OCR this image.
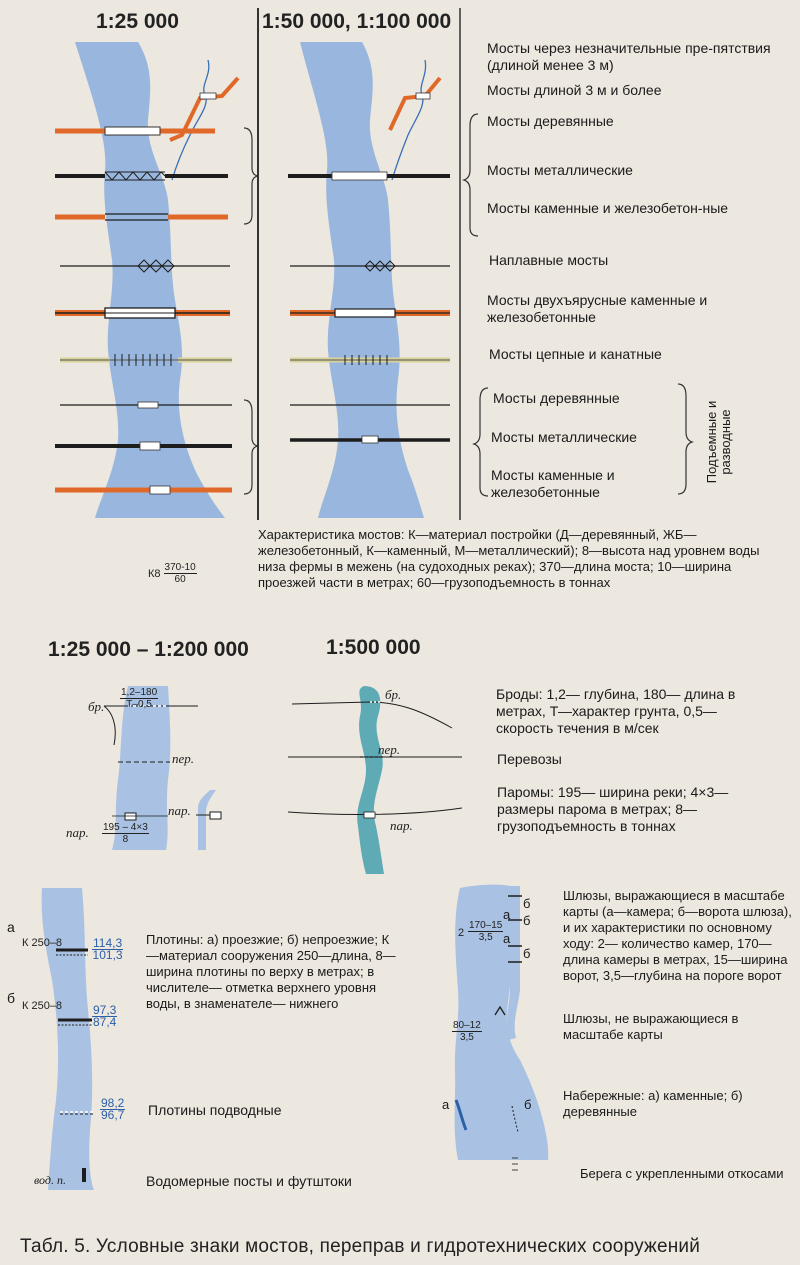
1:25 000	1:50 000, 1:100 000
Мосты через незначительные пре-пятствия (длиной менее 3 м)
Мосты длиной 3 м и более
Мосты деревянные
Мосты металлические
Мосты каменные и железобетон-ные
Наплавные мосты
Мосты двухъярусные каменные и железобетонные
Мосты цепные и канатные
Мосты деревянные
Мосты металлические
Мосты каменные и железобетонные
Подъемные и разводные
$К8 \frac{370-10}{60}$
Характеристика мостов: К—материал постройки (Д—деревянный, ЖБ—железобетонный, К—каменный, М—металлический); 8—высота над уровнем воды низа фермы в межень (на судоходных реках); 370—длина моста; 10—ширина проезжей части в метрах; 60—грузоподъемность в тоннах
1:25 000 – 1:200 000	1:500 000
бр.
1,2–180
Т–0,5
пер.
пар.
пар. $\frac{195 - 4\times 3}{8}$
бр.
пер.
пар.
Броды: 1,2— глубина, 180— длина в метрах, Т—характер грунта, 0,5— скорость течения в м/сек
Перевозы
Паромы: 195— ширина реки; 4×3— размеры парома в метрах; 8—грузоподъемность в тоннах
а
б
К $250-8 \frac{114,3}{101,3}$
К $250-8 \frac{97,3}{87,4}$
Плотины: а) проезжие; б) непроезжие; К—материал сооружения 250—длина, 8—ширина плотины по верху в метрах; в числителе— отметка верхнего уровня воды, в знаменателе— нижнего
$\frac{98,2}{96,7}$ Плотины подводные
вод. п.	Водомерные посты и футштоки
а
б
б
а
б
$2 \frac{170-15}{3,5}$
$\frac{80-12}{3,5}$
а	б
Шлюзы, выражающиеся в масштабе карты (а—камера; б—ворота шлюза), и их характеристики по основному ходу: 2— количество камер, 170—длина камеры в метрах, 15—ширина ворот, 3,5—глубина на пороге ворот
Шлюзы, не выражающиеся в масштабе карты
Набережные: а) каменные; б) деревянные
Берега с укрепленными откосами
Табл. 5. Условные знаки мостов, переправ и гидротехнических сооружений
